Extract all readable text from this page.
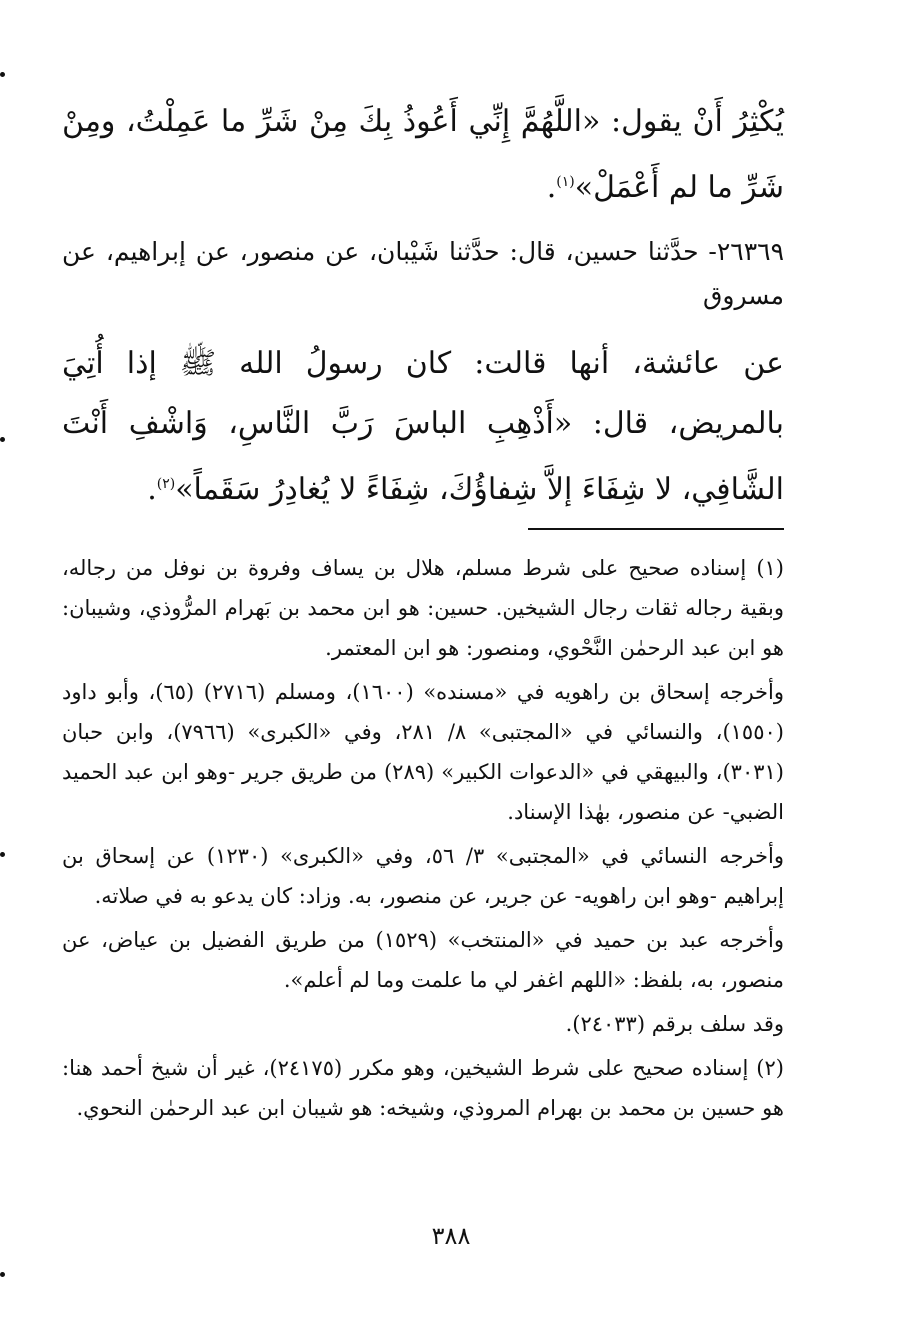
يُكْثِرُ أَنْ يقول: «اللَّهُمَّ إِنِّي أَعُوذُ بِكَ مِنْ شَرِّ ما عَمِلْتُ، ومِنْ شَرِّ ما لم أَعْمَلْ»$^{(١)}$.

٢٦٣٦٩- حدَّثنا حسين، قال: حدَّثنا شَيْبان، عن منصور، عن إبراهيم، عن مسروق

عن عائشة، أنها قالت: كان رسولُ الله ﷺ إذا أُتِيَ بالمريض، قال: «أَذْهِبِ الباسَ رَبَّ النَّاسِ، وَاشْفِ أَنْتَ الشَّافِي، لا شِفَاءَ إلاَّ شِفاؤُكَ، شِفَاءً لا يُغادِرُ سَقَماً»$^{(٢)}$.

(١) إسناده صحيح على شرط مسلم، هلال بن يساف وفروة بن نوفل من رجاله، وبقية رجاله ثقات رجال الشيخين. حسين: هو ابن محمد بن بَهرام المرُّوذي، وشيبان: هو ابن عبد الرحمٰن النَّحْوي، ومنصور: هو ابن المعتمر.

وأخرجه إسحاق بن راهويه في «مسنده» (١٦٠٠)، ومسلم (٢٧١٦) (٦٥)، وأبو داود (١٥٥٠)، والنسائي في «المجتبى» ٨/ ٢٨١، وفي «الكبرى» (٧٩٦٦)، وابن حبان (٣٠٣١)، والبيهقي في «الدعوات الكبير» (٢٨٩) من طريق جرير -وهو ابن عبد الحميد الضبي- عن منصور، بهٰذا الإسناد.

وأخرجه النسائي في «المجتبى» ٣/ ٥٦، وفي «الكبرى» (١٢٣٠) عن إسحاق بن إبراهيم -وهو ابن راهويه- عن جرير، عن منصور، به. وزاد: كان يدعو به في صلاته.

وأخرجه عبد بن حميد في «المنتخب» (١٥٢٩) من طريق الفضيل بن عياض، عن منصور، به، بلفظ: «اللهم اغفر لي ما علمت وما لم أعلم».

وقد سلف برقم (٢٤٠٣٣).

(٢) إسناده صحيح على شرط الشيخين، وهو مكرر (٢٤١٧٥)، غير أن شيخ أحمد هنا: هو حسين بن محمد بن بهرام المروذي، وشيخه: هو شيبان ابن عبد الرحمٰن النحوي.

٣٨٨
